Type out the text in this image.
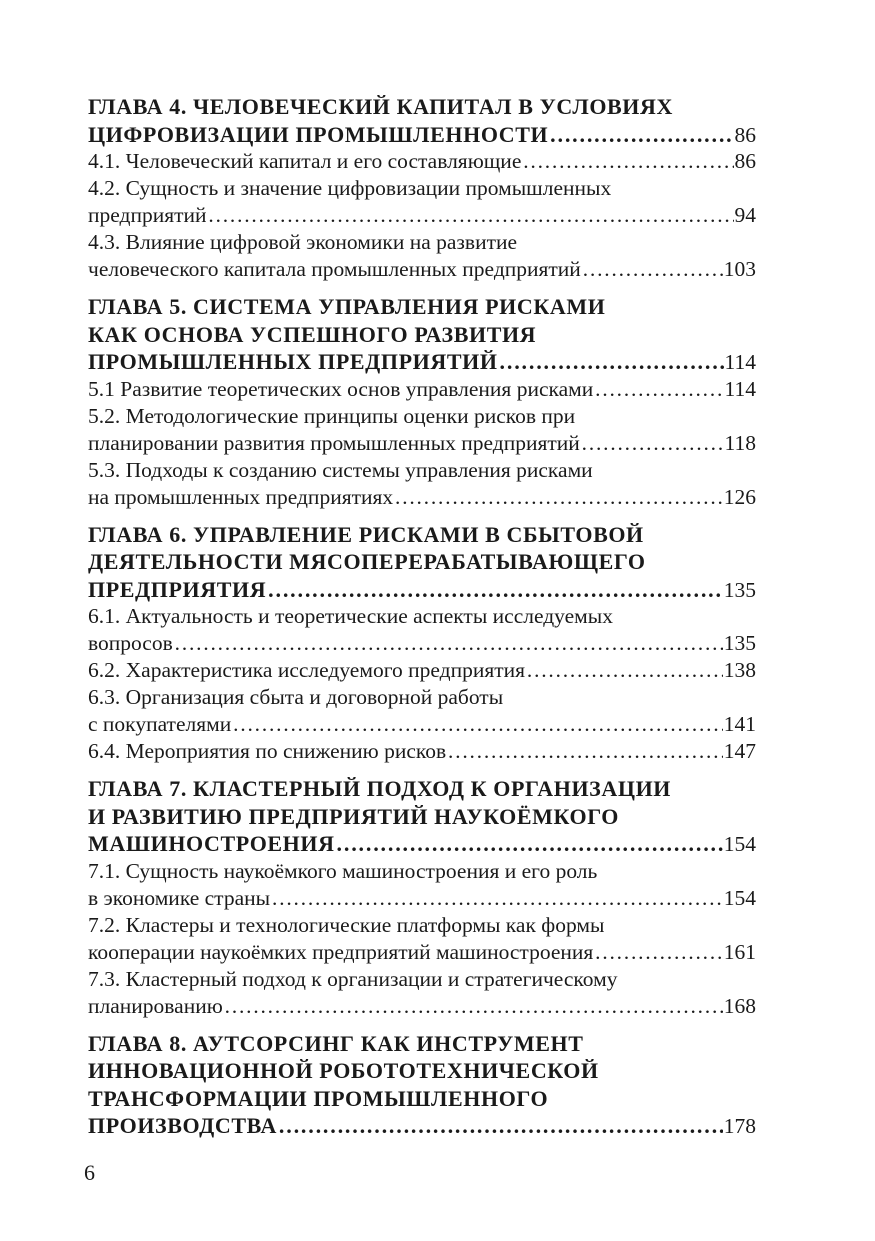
ГЛАВА 4. ЧЕЛОВЕЧЕСКИЙ КАПИТАЛ В УСЛОВИЯХ
ЦИФРОВИЗАЦИИ ПРОМЫШЛЕННОСТИ ……………………………………………………………………………………………………………………………………………………………………	86
4.1. Человеческий капитал и его составляющие ……………………………………………………………………………………………………………………………………………………………………	86
4.2. Сущность и значение цифровизации промышленных
предприятий ……………………………………………………………………………………………………………………………………………………………………	94
4.3. Влияние цифровой экономики на развитие
человеческого капитала промышленных предприятий ……………………………………………………………………………………………………………………………………………………………………	103
ГЛАВА 5. СИСТЕМА УПРАВЛЕНИЯ РИСКАМИ
КАК ОСНОВА УСПЕШНОГО РАЗВИТИЯ
ПРОМЫШЛЕННЫХ ПРЕДПРИЯТИЙ ……………………………………………………………………………………………………………………………………………………………………	114
5.1 Развитие теоретических основ управления рисками ……………………………………………………………………………………………………………………………………………………………………	114
5.2. Методологические принципы оценки рисков при
планировании развития промышленных предприятий ……………………………………………………………………………………………………………………………………………………………………	118
5.3. Подходы к созданию системы управления рисками
на промышленных предприятиях ……………………………………………………………………………………………………………………………………………………………………	126
ГЛАВА 6. УПРАВЛЕНИЕ РИСКАМИ В СБЫТОВОЙ
ДЕЯТЕЛЬНОСТИ МЯСОПЕРЕРАБАТЫВАЮЩЕГО
ПРЕДПРИЯТИЯ ……………………………………………………………………………………………………………………………………………………………………	135
6.1. Актуальность и теоретические аспекты исследуемых
вопросов ……………………………………………………………………………………………………………………………………………………………………	135
6.2. Характеристика исследуемого предприятия ……………………………………………………………………………………………………………………………………………………………………	138
6.3. Организация сбыта и договорной работы
с покупателями ……………………………………………………………………………………………………………………………………………………………………	141
6.4. Мероприятия по снижению рисков ……………………………………………………………………………………………………………………………………………………………………	147
ГЛАВА 7. КЛАСТЕРНЫЙ ПОДХОД К ОРГАНИЗАЦИИ
И РАЗВИТИЮ ПРЕДПРИЯТИЙ НАУКОЁМКОГО
МАШИНОСТРОЕНИЯ ……………………………………………………………………………………………………………………………………………………………………	154
7.1. Сущность наукоёмкого машиностроения и его роль
в экономике страны ……………………………………………………………………………………………………………………………………………………………………	154
7.2. Кластеры и технологические платформы как формы
кооперации наукоёмких предприятий машиностроения ……………………………………………………………………………………………………………………………………………………………………	161
7.3. Кластерный подход к организации и стратегическому
планированию ……………………………………………………………………………………………………………………………………………………………………	168
ГЛАВА 8. АУТСОРСИНГ КАК ИНСТРУМЕНТ
ИННОВАЦИОННОЙ РОБОТОТЕХНИЧЕСКОЙ
ТРАНСФОРМАЦИИ ПРОМЫШЛЕННОГО
ПРОИЗВОДСТВА ……………………………………………………………………………………………………………………………………………………………………	178
6
